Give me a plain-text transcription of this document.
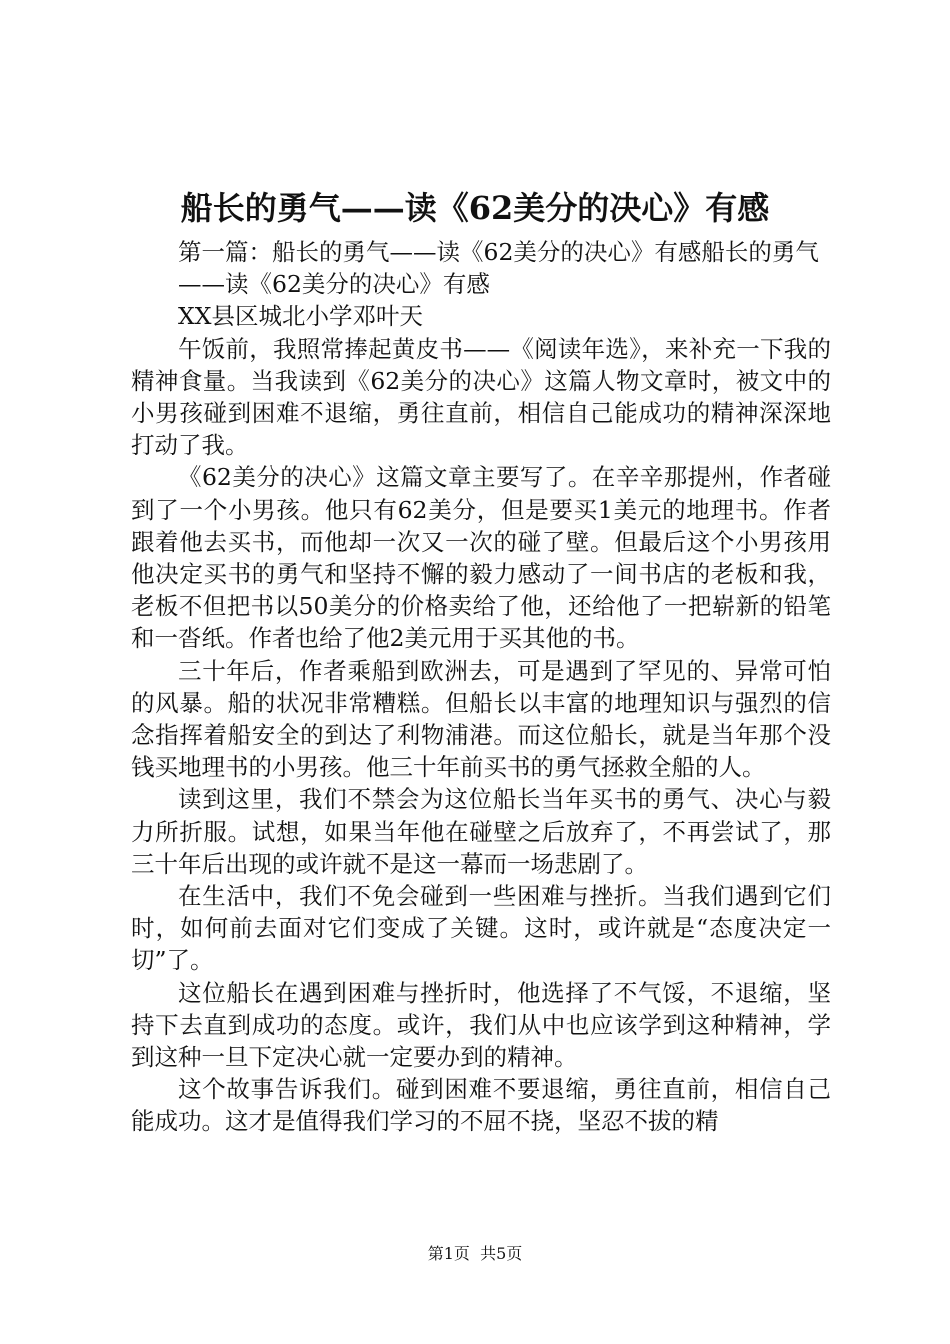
船长的勇气——读《62美分的决心》有感

第一篇：船长的勇气——读《62美分的决心》有感船长的勇气

——读《62美分的决心》有感

XX县区城北小学邓叶天

午饭前，我照常捧起黄皮书——《阅读年选》，来补充一下我的精神食量。当我读到《62美分的决心》这篇人物文章时，被文中的小男孩碰到困难不退缩，勇往直前，相信自己能成功的精神深深地打动了我。

《62美分的决心》这篇文章主要写了。在辛辛那提州，作者碰到了一个小男孩。他只有62美分，但是要买1美元的地理书。作者跟着他去买书，而他却一次又一次的碰了壁。但最后这个小男孩用他决定买书的勇气和坚持不懈的毅力感动了一间书店的老板和我，老板不但把书以50美分的价格卖给了他，还给他了一把崭新的铅笔和一沓纸。作者也给了他2美元用于买其他的书。

三十年后，作者乘船到欧洲去，可是遇到了罕见的、异常可怕的风暴。船的状况非常糟糕。但船长以丰富的地理知识与强烈的信念指挥着船安全的到达了利物浦港。而这位船长，就是当年那个没钱买地理书的小男孩。他三十年前买书的勇气拯救全船的人。

读到这里，我们不禁会为这位船长当年买书的勇气、决心与毅力所折服。试想，如果当年他在碰壁之后放弃了，不再尝试了，那三十年后出现的或许就不是这一幕而一场悲剧了。

在生活中，我们不免会碰到一些困难与挫折。当我们遇到它们时，如何前去面对它们变成了关键。这时，或许就是“态度决定一切”了。

这位船长在遇到困难与挫折时，他选择了不气馁，不退缩，坚持下去直到成功的态度。或许，我们从中也应该学到这种精神，学到这种一旦下定决心就一定要办到的精神。

这个故事告诉我们。碰到困难不要退缩，勇往直前，相信自己能成功。这才是值得我们学习的不屈不挠，坚忍不拔的精

第1页  共5页
